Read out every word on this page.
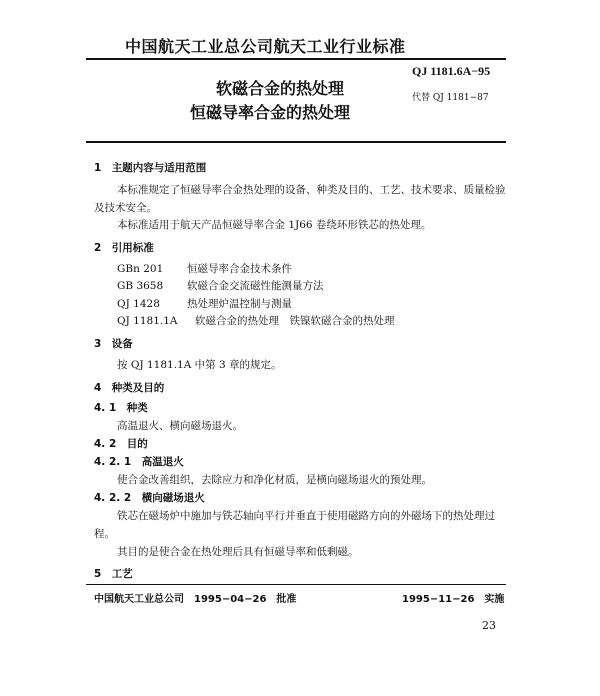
中国航天工业总公司航天工业行业标准
QJ 1181.6A−95
软磁合金的热处理	代替 QJ 1181−87
恒磁导率合金的热处理
1　主题内容与适用范围
本标准规定了恒磁导率合金热处理的设备、种类及目的、工艺、技术要求、质量检验
及技术安全。
本标准适用于航天产品恒磁导率合金 1J66 卷绕环形铁芯的热处理。
2　引用标准
GBn 201 恒磁导率合金技术条件
GB 3658 软磁合金交流磁性能测量方法
QJ 1428	热处理炉温控制与测量
QJ 1181.1A 软磁合金的热处理　铁镍软磁合金的热处理
3　设备
按 QJ 1181.1A 中第 3 章的规定。
4　种类及目的
4. 1　种类
高温退火、横向磁场退火。
4. 2　目的
4. 2. 1　高温退火
使合金改善组织，去除应力和净化材质，是横向磁场退火的预处理。
4. 2. 2　横向磁场退火
铁芯在磁场炉中施加与铁芯轴向平行并垂直于使用磁路方向的外磁场下的热处理过
程。
其目的是使合金在热处理后具有恒磁导率和低剩磁。
5　工艺
中国航天工业总公司　1995−04−26　批准	1995−11−26　实施
23
